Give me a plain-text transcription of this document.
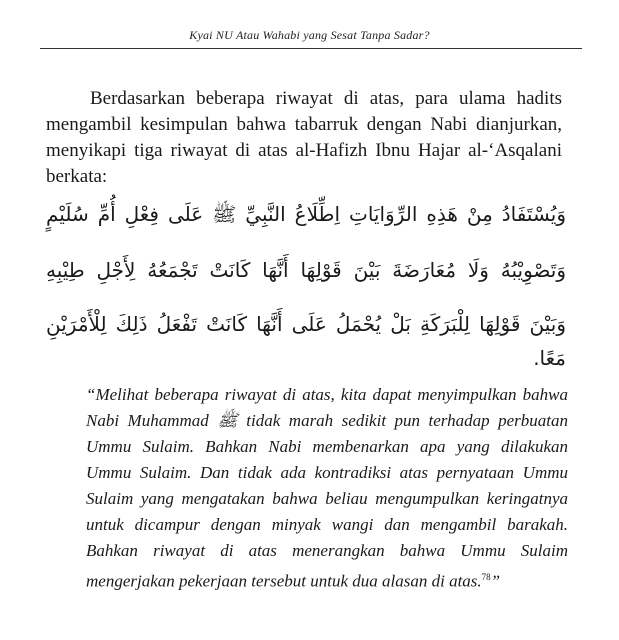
Kyai NU Atau Wahabi yang Sesat Tanpa Sadar?

Berdasarkan beberapa riwayat di atas, para ulama hadits mengambil kesimpulan bahwa tabarruk dengan Nabi dianjurkan, menyikapi tiga riwayat di atas al-Hafizh Ibnu Hajar al-‘Asqalani berkata:

وَيُسْتَفَادُ مِنْ هَذِهِ الرِّوَايَاتِ اِطِّلَاعُ النَّبِيِّ ﷺ عَلَى فِعْلِ أُمِّ سُلَيْمٍ
وَتَصْوِيْبُهُ وَلَا مُعَارَضَةَ بَيْنَ قَوْلِهَا أَنَّهَا كَانَتْ تَجْمَعُهُ لِأَجْلِ طِيْبِهِ
وَبَيْنَ قَوْلِهَا لِلْبَرَكَةِ بَلْ يُحْمَلُ عَلَى أَنَّهَا كَانَتْ تَفْعَلُ ذَلِكَ لِلْأَمْرَيْنِ
مَعًا.

“Melihat beberapa riwayat di atas, kita dapat menyimpulkan bahwa Nabi Muhammad ﷺ tidak marah sedikit pun terhadap perbuatan Ummu Sulaim. Bahkan Nabi membenarkan apa yang dilakukan Ummu Sulaim. Dan tidak ada kontradiksi atas pernyataan Ummu Sulaim yang mengatakan bahwa beliau mengumpulkan keringatnya untuk dicampur dengan minyak wangi dan mengambil barakah. Bahkan riwayat di atas menerangkan bahwa Ummu Sulaim mengerjakan pekerjaan tersebut untuk dua alasan di atas.$^{78}$”
